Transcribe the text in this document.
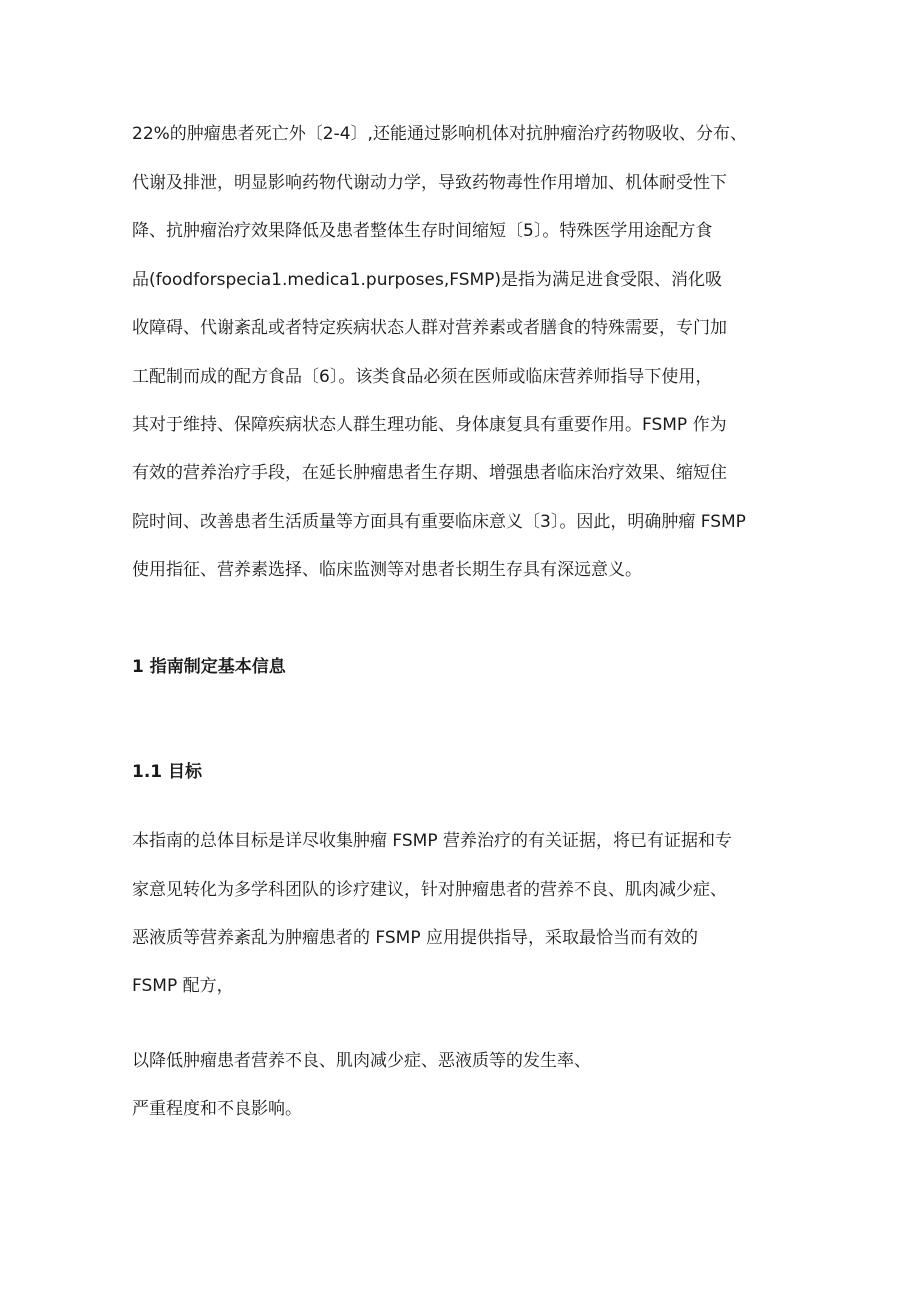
22%的肿瘤患者死亡外〔2-4〕,还能通过影响机体对抗肿瘤治疗药物吸收、分布、
代谢及排泄，明显影响药物代谢动力学，导致药物毒性作用增加、机体耐受性下
降、抗肿瘤治疗效果降低及患者整体生存时间缩短〔5〕。特殊医学用途配方食
品(foodforspecia1.medica1.purposes,FSMP)是指为满足进食受限、消化吸
收障碍、代谢紊乱或者特定疾病状态人群对营养素或者膳食的特殊需要，专门加
工配制而成的配方食品〔6〕。该类食品必须在医师或临床营养师指导下使用，
其对于维持、保障疾病状态人群生理功能、身体康复具有重要作用。FSMP 作为
有效的营养治疗手段，在延长肿瘤患者生存期、增强患者临床治疗效果、缩短住
院时间、改善患者生活质量等方面具有重要临床意义〔3〕。因此，明确肿瘤 FSMP
使用指征、营养素选择、临床监测等对患者长期生存具有深远意义。
1 指南制定基本信息
1.1 目标
本指南的总体目标是详尽收集肿瘤 FSMP 营养治疗的有关证据，将已有证据和专
家意见转化为多学科团队的诊疗建议，针对肿瘤患者的营养不良、肌肉减少症、
恶液质等营养紊乱为肿瘤患者的 FSMP 应用提供指导，采取最恰当而有效的
FSMP 配方，
以降低肿瘤患者营养不良、肌肉减少症、恶液质等的发生率、
严重程度和不良影响。
